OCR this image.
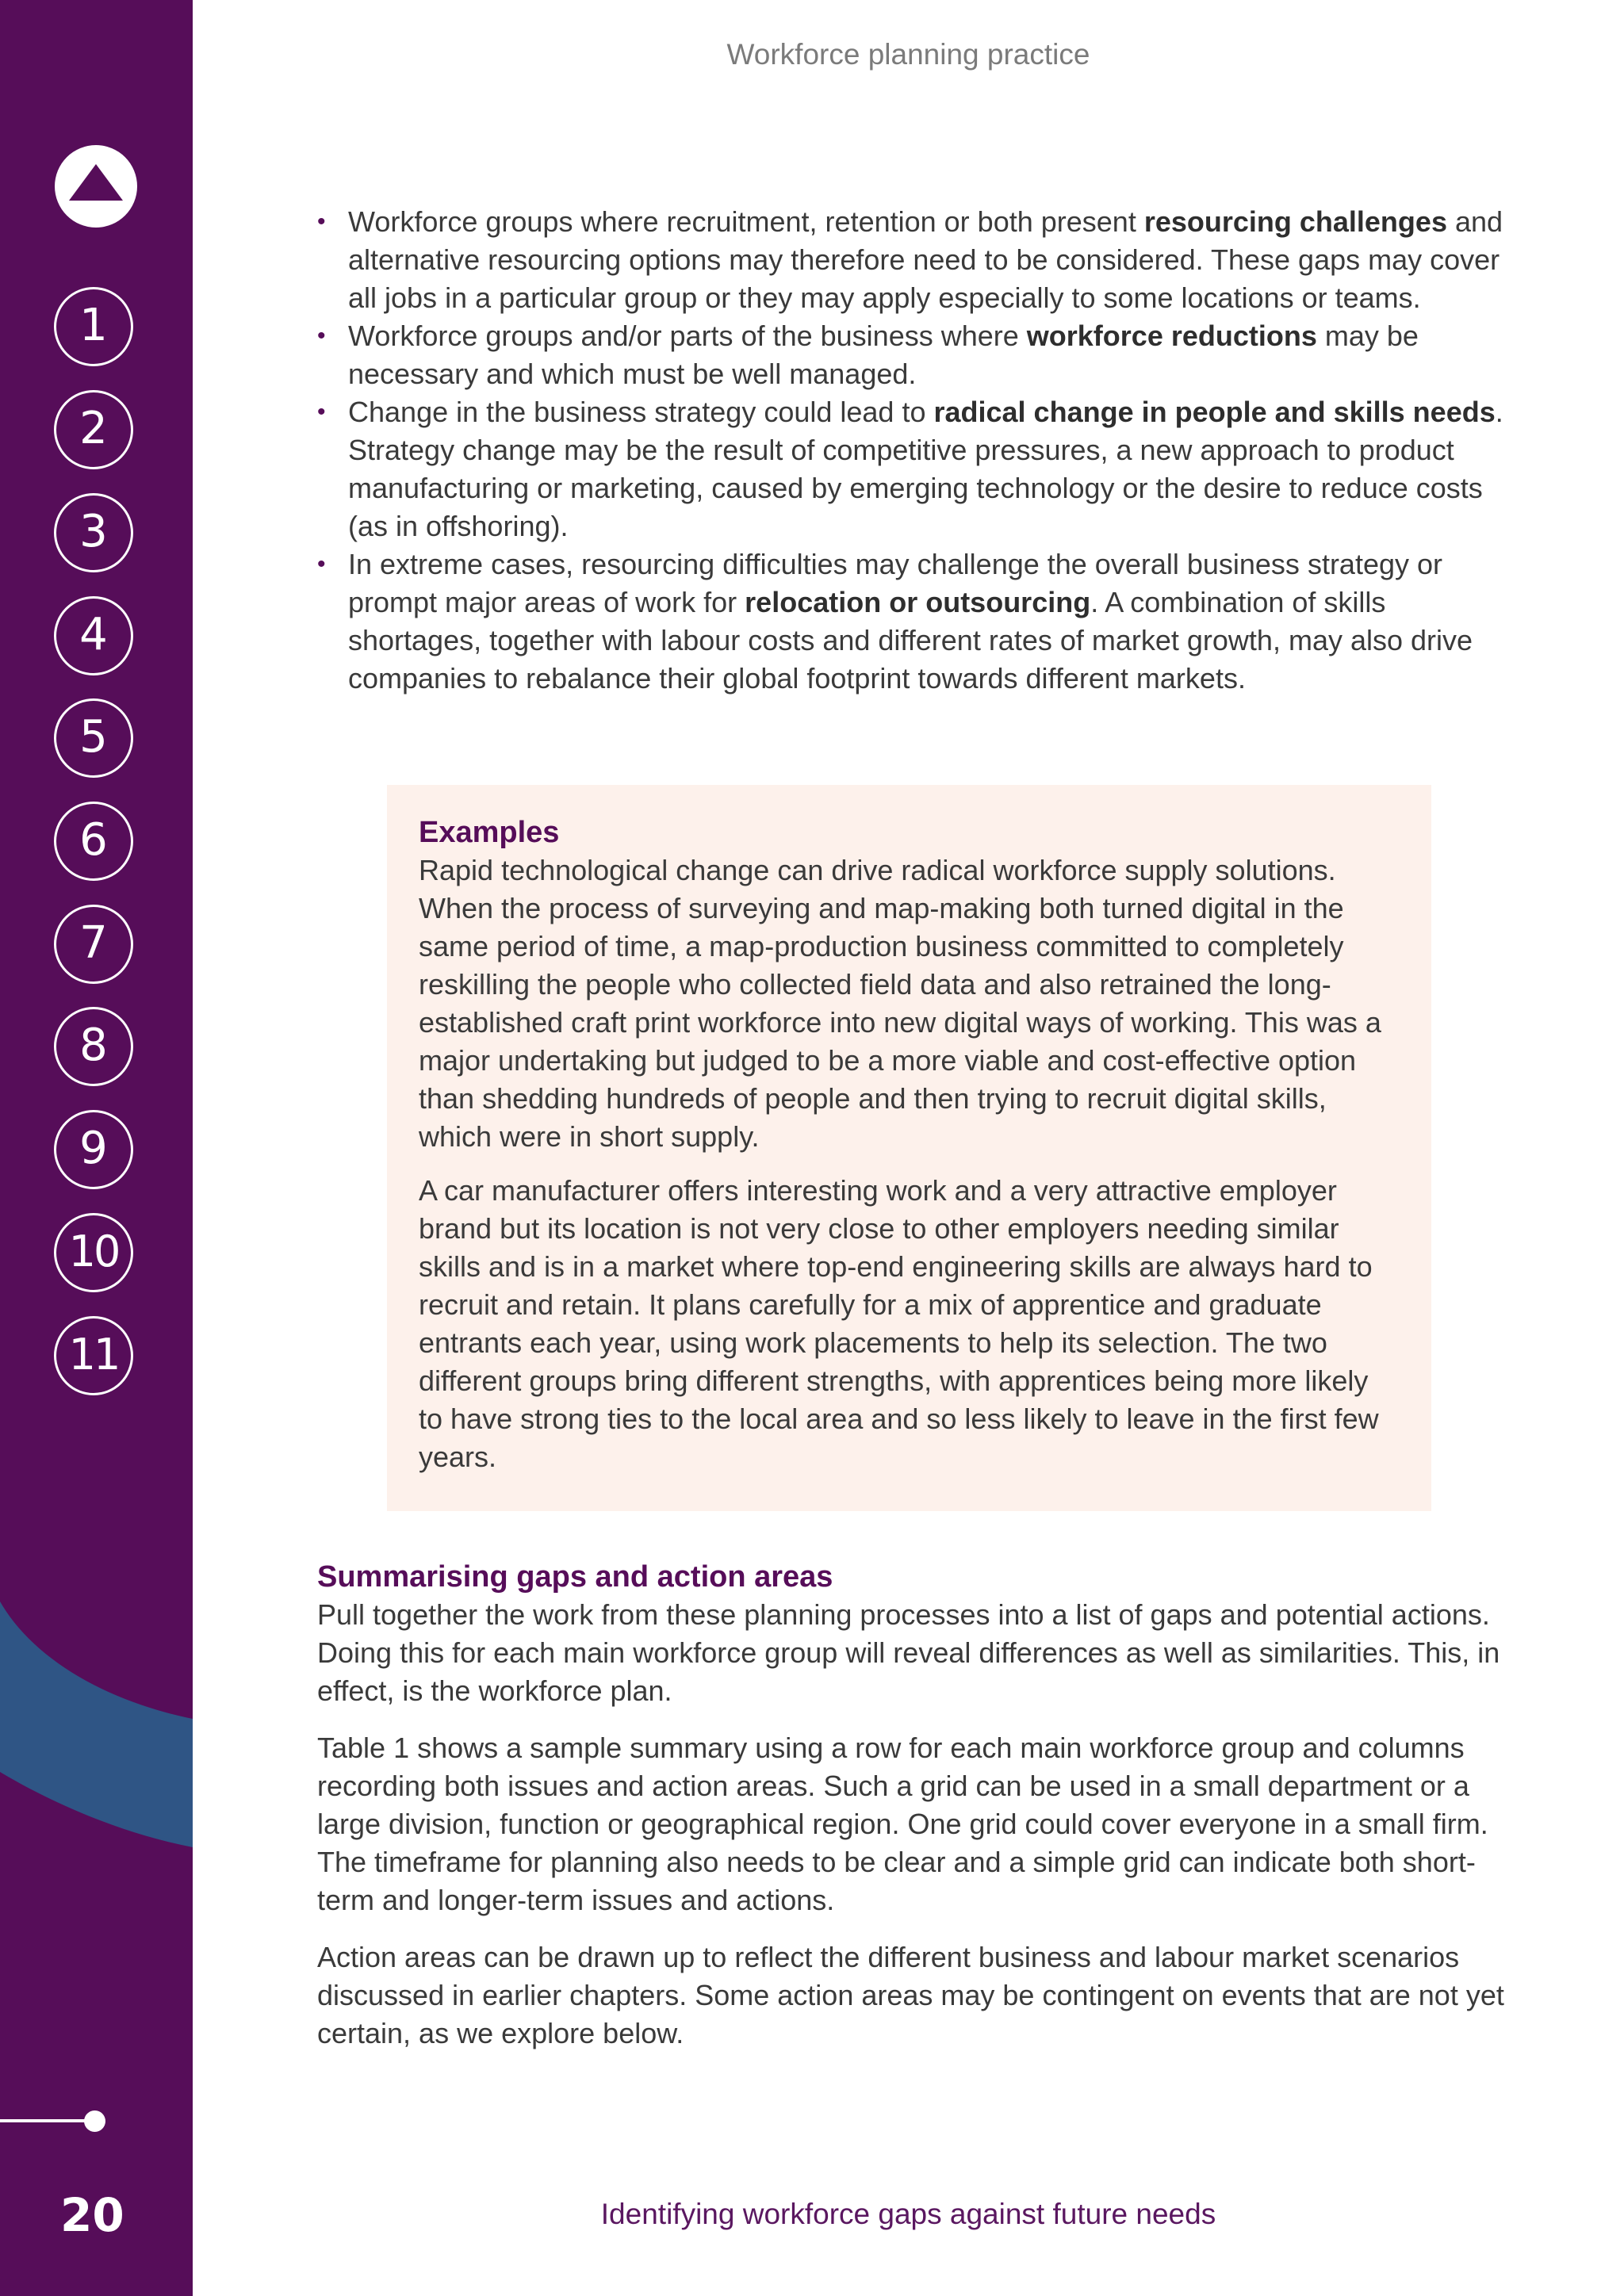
1
2
3
4
5
6
7
8
9
10
11
20
Workforce planning practice
• Workforce groups where recruitment, retention or both present resourcing challenges and alternative resourcing options may therefore need to be considered. These gaps may cover all jobs in a particular group or they may apply especially to some locations or teams.
• Workforce groups and/or parts of the business where workforce reductions may be necessary and which must be well managed.
• Change in the business strategy could lead to radical change in people and skills needs. Strategy change may be the result of competitive pressures, a new approach to product manufacturing or marketing, caused by emerging technology or the desire to reduce costs (as in offshoring).
• In extreme cases, resourcing difficulties may challenge the overall business strategy or prompt major areas of work for relocation or outsourcing. A combination of skills shortages, together with labour costs and different rates of market growth, may also drive companies to rebalance their global footprint towards different markets.
Examples

Rapid technological change can drive radical workforce supply solutions. When the process of surveying and map-making both turned digital in the same period of time, a map-production business committed to completely reskilling the people who collected field data and also retrained the long-established craft print workforce into new digital ways of working. This was a major undertaking but judged to be a more viable and cost-effective option than shedding hundreds of people and then trying to recruit digital skills, which were in short supply.

A car manufacturer offers interesting work and a very attractive employer brand but its location is not very close to other employers needing similar skills and is in a market where top-end engineering skills are always hard to recruit and retain. It plans carefully for a mix of apprentice and graduate entrants each year, using work placements to help its selection. The two different groups bring different strengths, with apprentices being more likely to have strong ties to the local area and so less likely to leave in the first few years.

Summarising gaps and action areas

Pull together the work from these planning processes into a list of gaps and potential actions. Doing this for each main workforce group will reveal differences as well as similarities. This, in effect, is the workforce plan.

Table 1 shows a sample summary using a row for each main workforce group and columns recording both issues and action areas. Such a grid can be used in a small department or a large division, function or geographical region. One grid could cover everyone in a small firm. The timeframe for planning also needs to be clear and a simple grid can indicate both short-term and longer-term issues and actions.

Action areas can be drawn up to reflect the different business and labour market scenarios discussed in earlier chapters. Some action areas may be contingent on events that are not yet certain, as we explore below.

Identifying workforce gaps against future needs
